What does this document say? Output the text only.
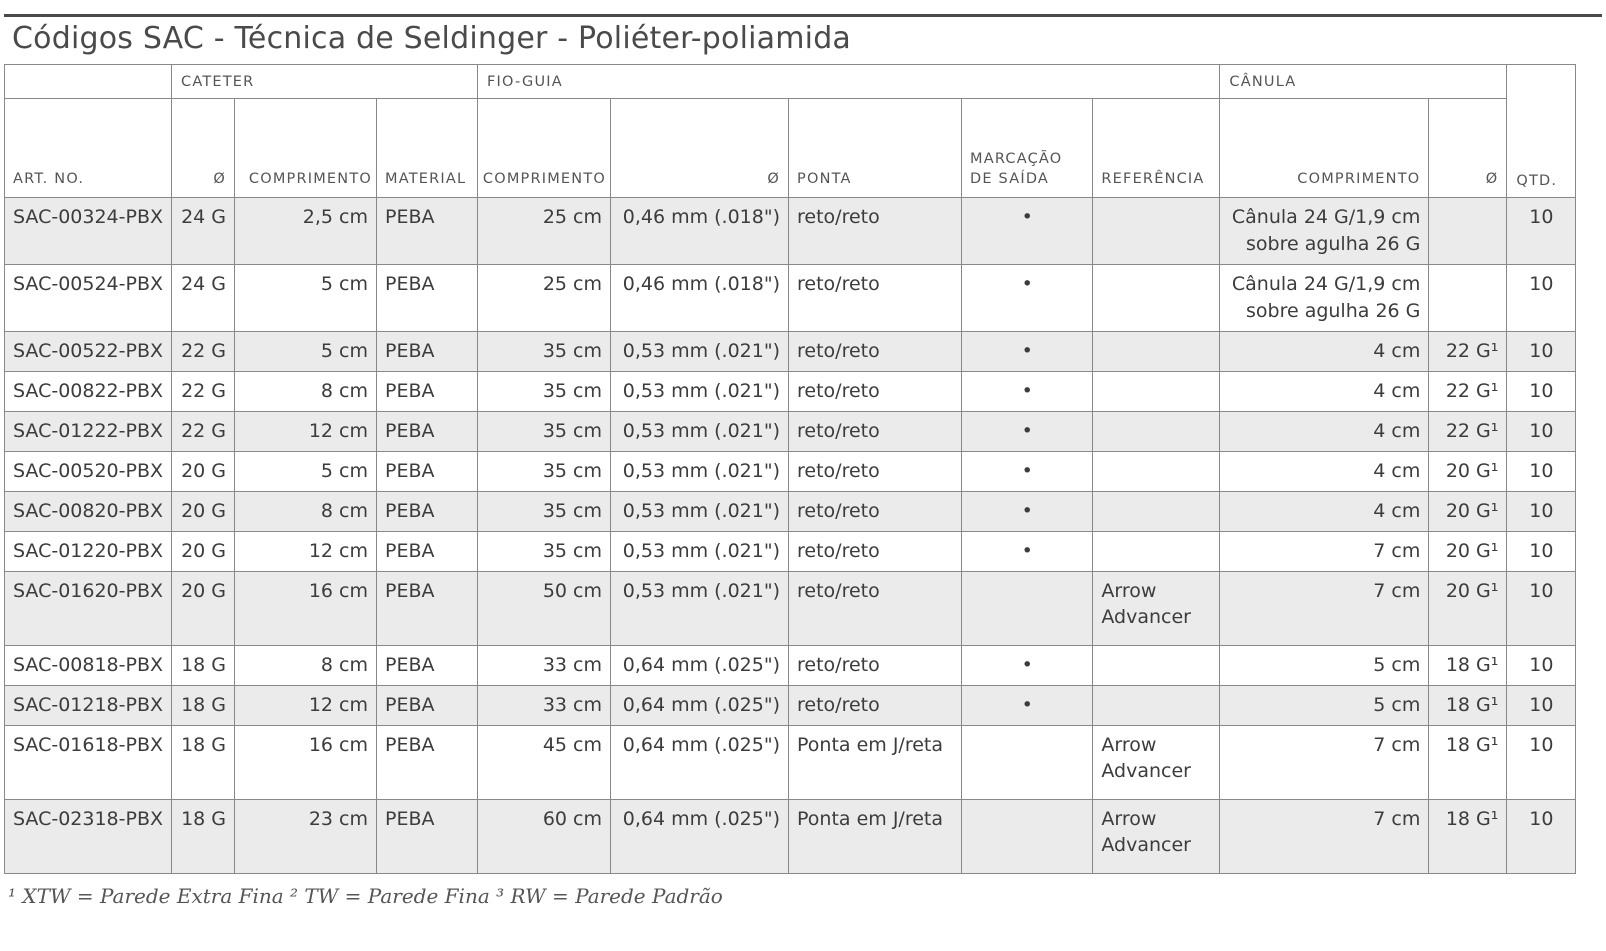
Códigos SAC - Técnica de Seldinger - Poliéter-poliamida
	CATETER			FIO-GUIA					CÂNULA		QTD.
ART. NO.	Ø	COMPRIMENTO	MATERIAL	COMPRIMENTO	Ø	PONTA	MARCAÇÃO DE SAÍDA	REFERÊNCIA	COMPRIMENTO	Ø	
SAC-00324-PBX	24 G	2,5 cm	PEBA	25 cm	0,46 mm (.018")	reto/reto	•		Cânula 24 G/1,9 cm sobre agulha 26 G		10
SAC-00524-PBX	24 G	5 cm	PEBA	25 cm	0,46 mm (.018")	reto/reto	•		Cânula 24 G/1,9 cm sobre agulha 26 G		10
SAC-00522-PBX	22 G	5 cm	PEBA	35 cm	0,53 mm (.021")	reto/reto	•		4 cm	22 G¹	10
SAC-00822-PBX	22 G	8 cm	PEBA	35 cm	0,53 mm (.021")	reto/reto	•		4 cm	22 G¹	10
SAC-01222-PBX	22 G	12 cm	PEBA	35 cm	0,53 mm (.021")	reto/reto	•		4 cm	22 G¹	10
SAC-00520-PBX	20 G	5 cm	PEBA	35 cm	0,53 mm (.021")	reto/reto	•		4 cm	20 G¹	10
SAC-00820-PBX	20 G	8 cm	PEBA	35 cm	0,53 mm (.021")	reto/reto	•		4 cm	20 G¹	10
SAC-01220-PBX	20 G	12 cm	PEBA	35 cm	0,53 mm (.021")	reto/reto	•		7 cm	20 G¹	10
SAC-01620-PBX	20 G	16 cm	PEBA	50 cm	0,53 mm (.021")	reto/reto		Arrow Advancer	7 cm	20 G¹	10
SAC-00818-PBX	18 G	8 cm	PEBA	33 cm	0,64 mm (.025")	reto/reto	•		5 cm	18 G¹	10
SAC-01218-PBX	18 G	12 cm	PEBA	33 cm	0,64 mm (.025")	reto/reto	•		5 cm	18 G¹	10
SAC-01618-PBX	18 G	16 cm	PEBA	45 cm	0,64 mm (.025")	Ponta em J/reta		Arrow Advancer	7 cm	18 G¹	10
SAC-02318-PBX	18 G	23 cm	PEBA	60 cm	0,64 mm (.025")	Ponta em J/reta		Arrow Advancer	7 cm	18 G¹	10
¹ XTW = Parede Extra Fina ² TW = Parede Fina ³ RW = Parede Padrão
